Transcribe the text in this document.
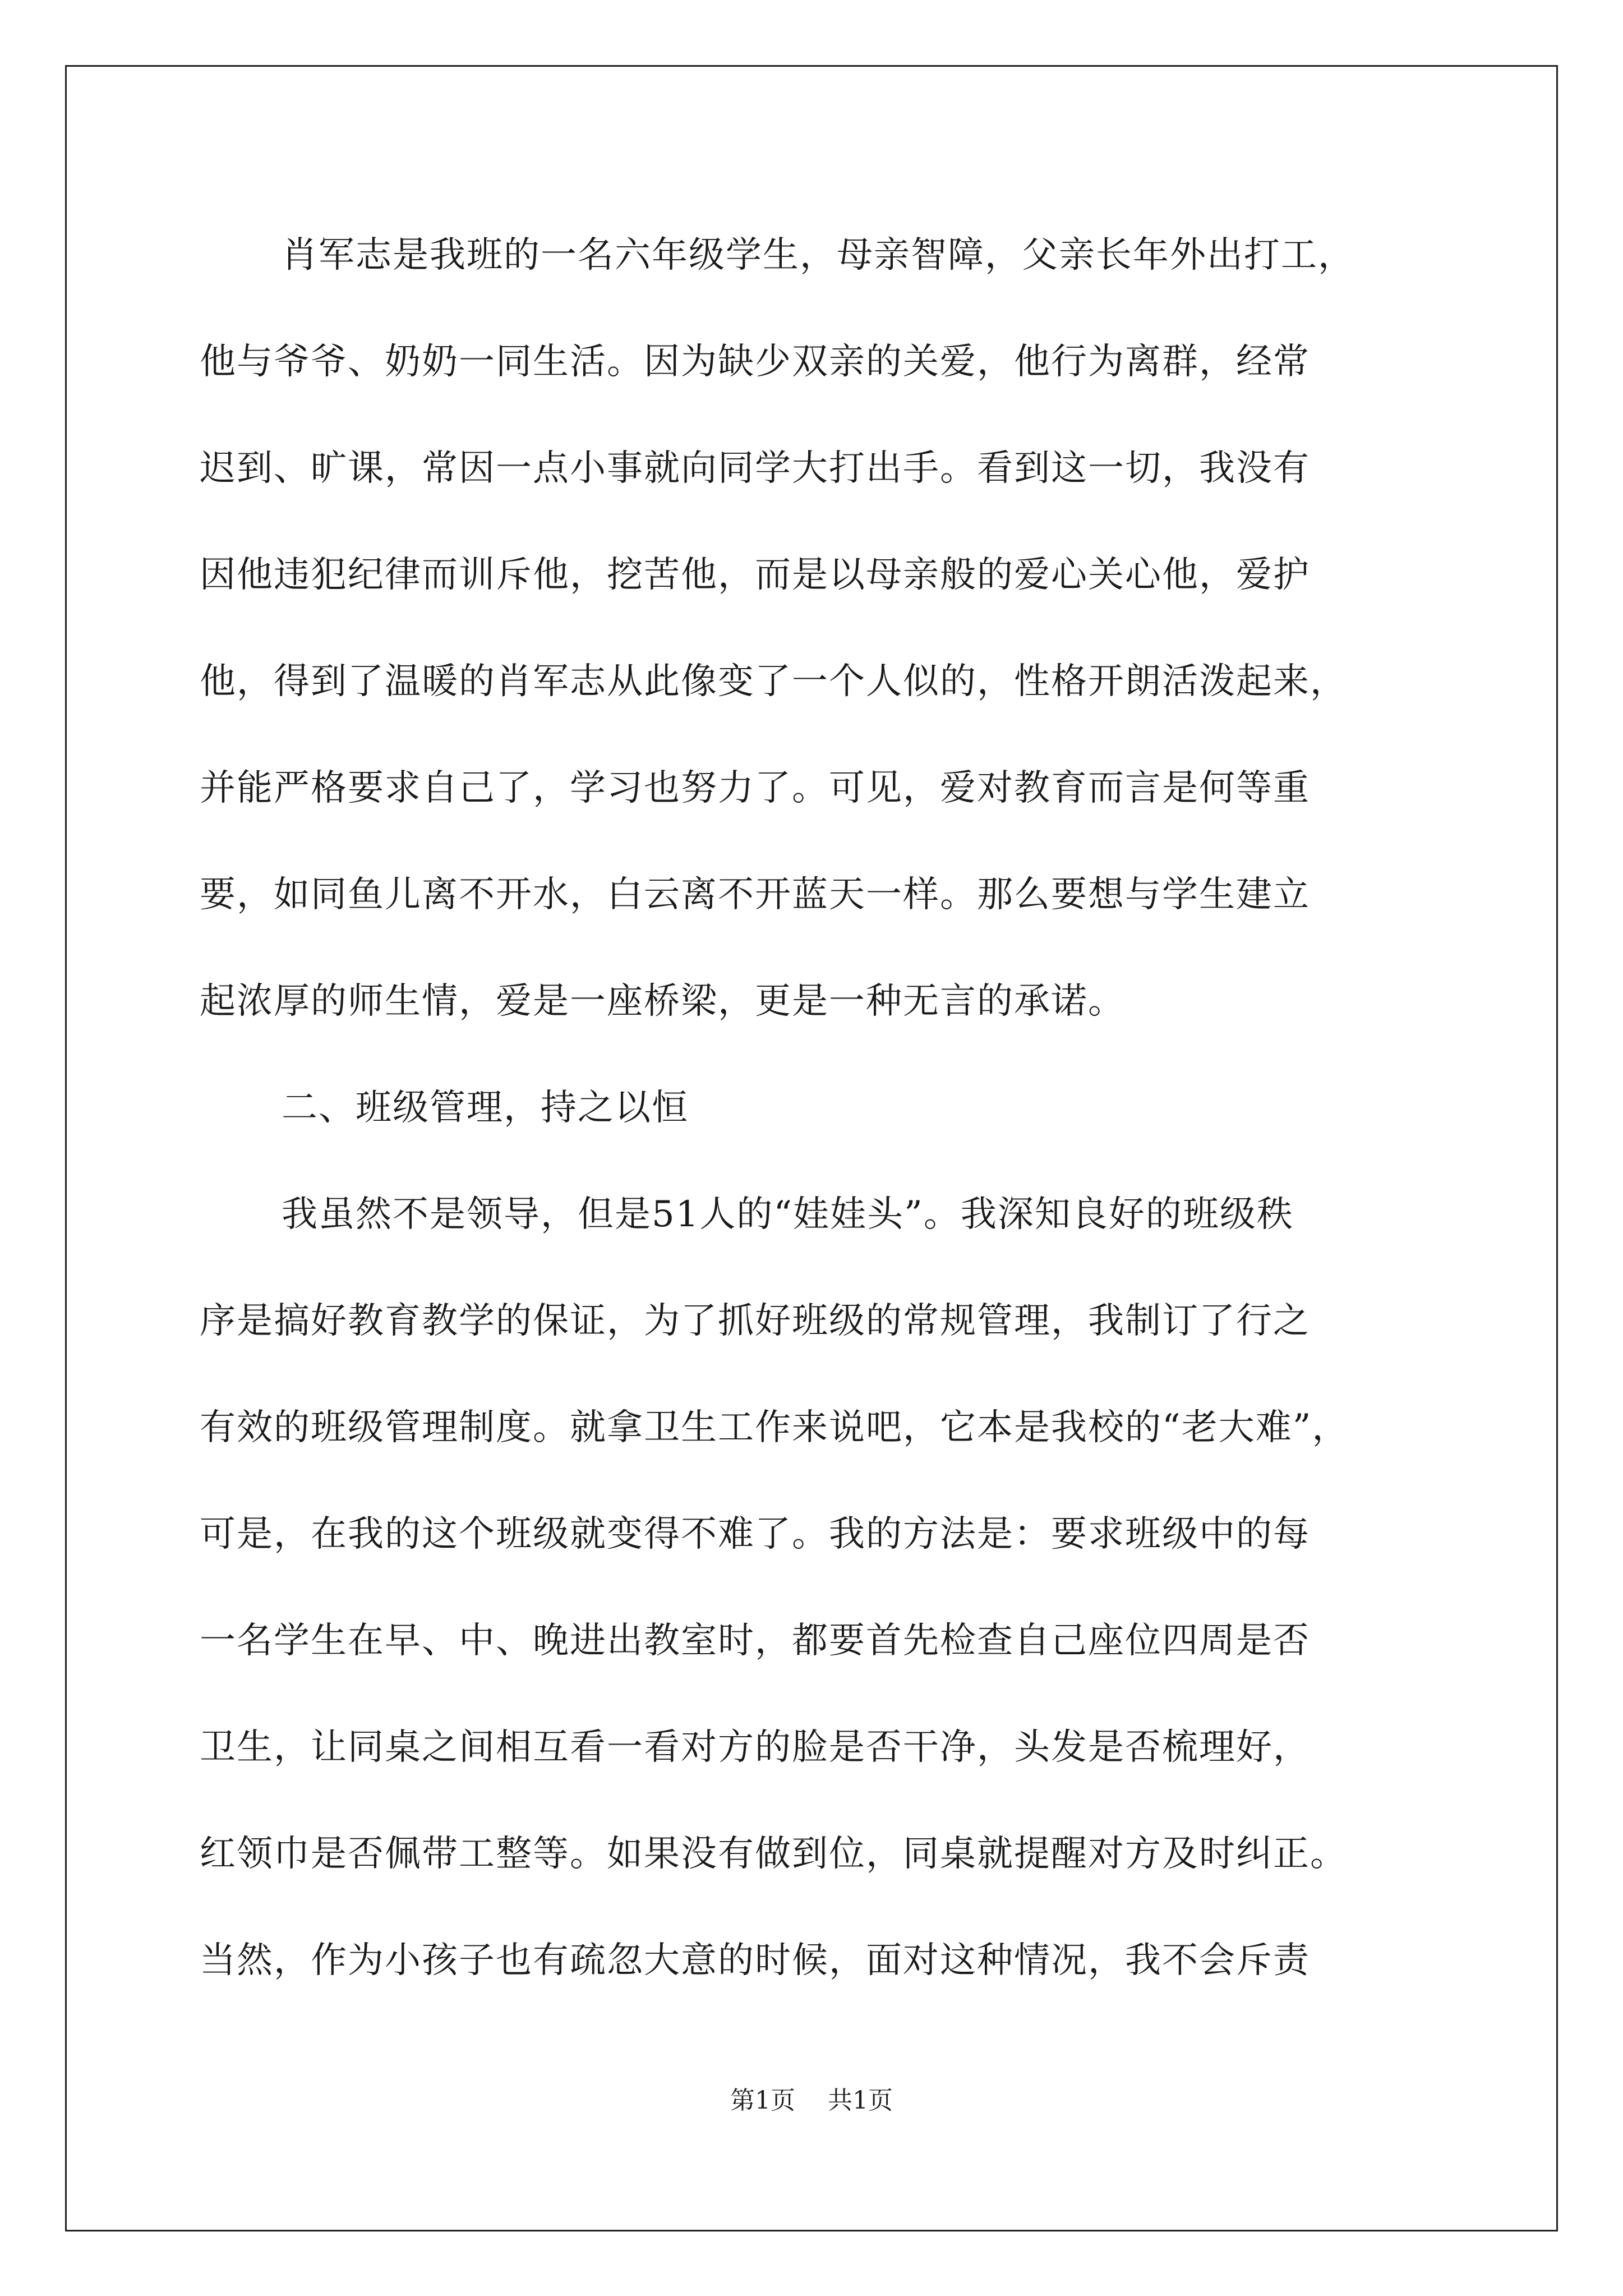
肖军志是我班的一名六年级学生，母亲智障，父亲长年外出打工，
他与爷爷、奶奶一同生活。因为缺少双亲的关爱，他行为离群，经常
迟到、旷课，常因一点小事就向同学大打出手。看到这一切，我没有
因他违犯纪律而训斥他，挖苦他，而是以母亲般的爱心关心他，爱护
他，得到了温暖的肖军志从此像变了一个人似的，性格开朗活泼起来，
并能严格要求自己了，学习也努力了。可见，爱对教育而言是何等重
要，如同鱼儿离不开水，白云离不开蓝天一样。那么要想与学生建立
起浓厚的师生情，爱是一座桥梁，更是一种无言的承诺。
二、班级管理，持之以恒
我虽然不是领导，但是51人的“娃娃头”。我深知良好的班级秩
序是搞好教育教学的保证，为了抓好班级的常规管理，我制订了行之
有效的班级管理制度。就拿卫生工作来说吧，它本是我校的“老大难”，
可是，在我的这个班级就变得不难了。我的方法是：要求班级中的每
一名学生在早、中、晚进出教室时，都要首先检查自己座位四周是否
卫生，让同桌之间相互看一看对方的脸是否干净，头发是否梳理好，
红领巾是否佩带工整等。如果没有做到位，同桌就提醒对方及时纠正。
当然，作为小孩子也有疏忽大意的时候，面对这种情况，我不会斥责
第1页 共1页
